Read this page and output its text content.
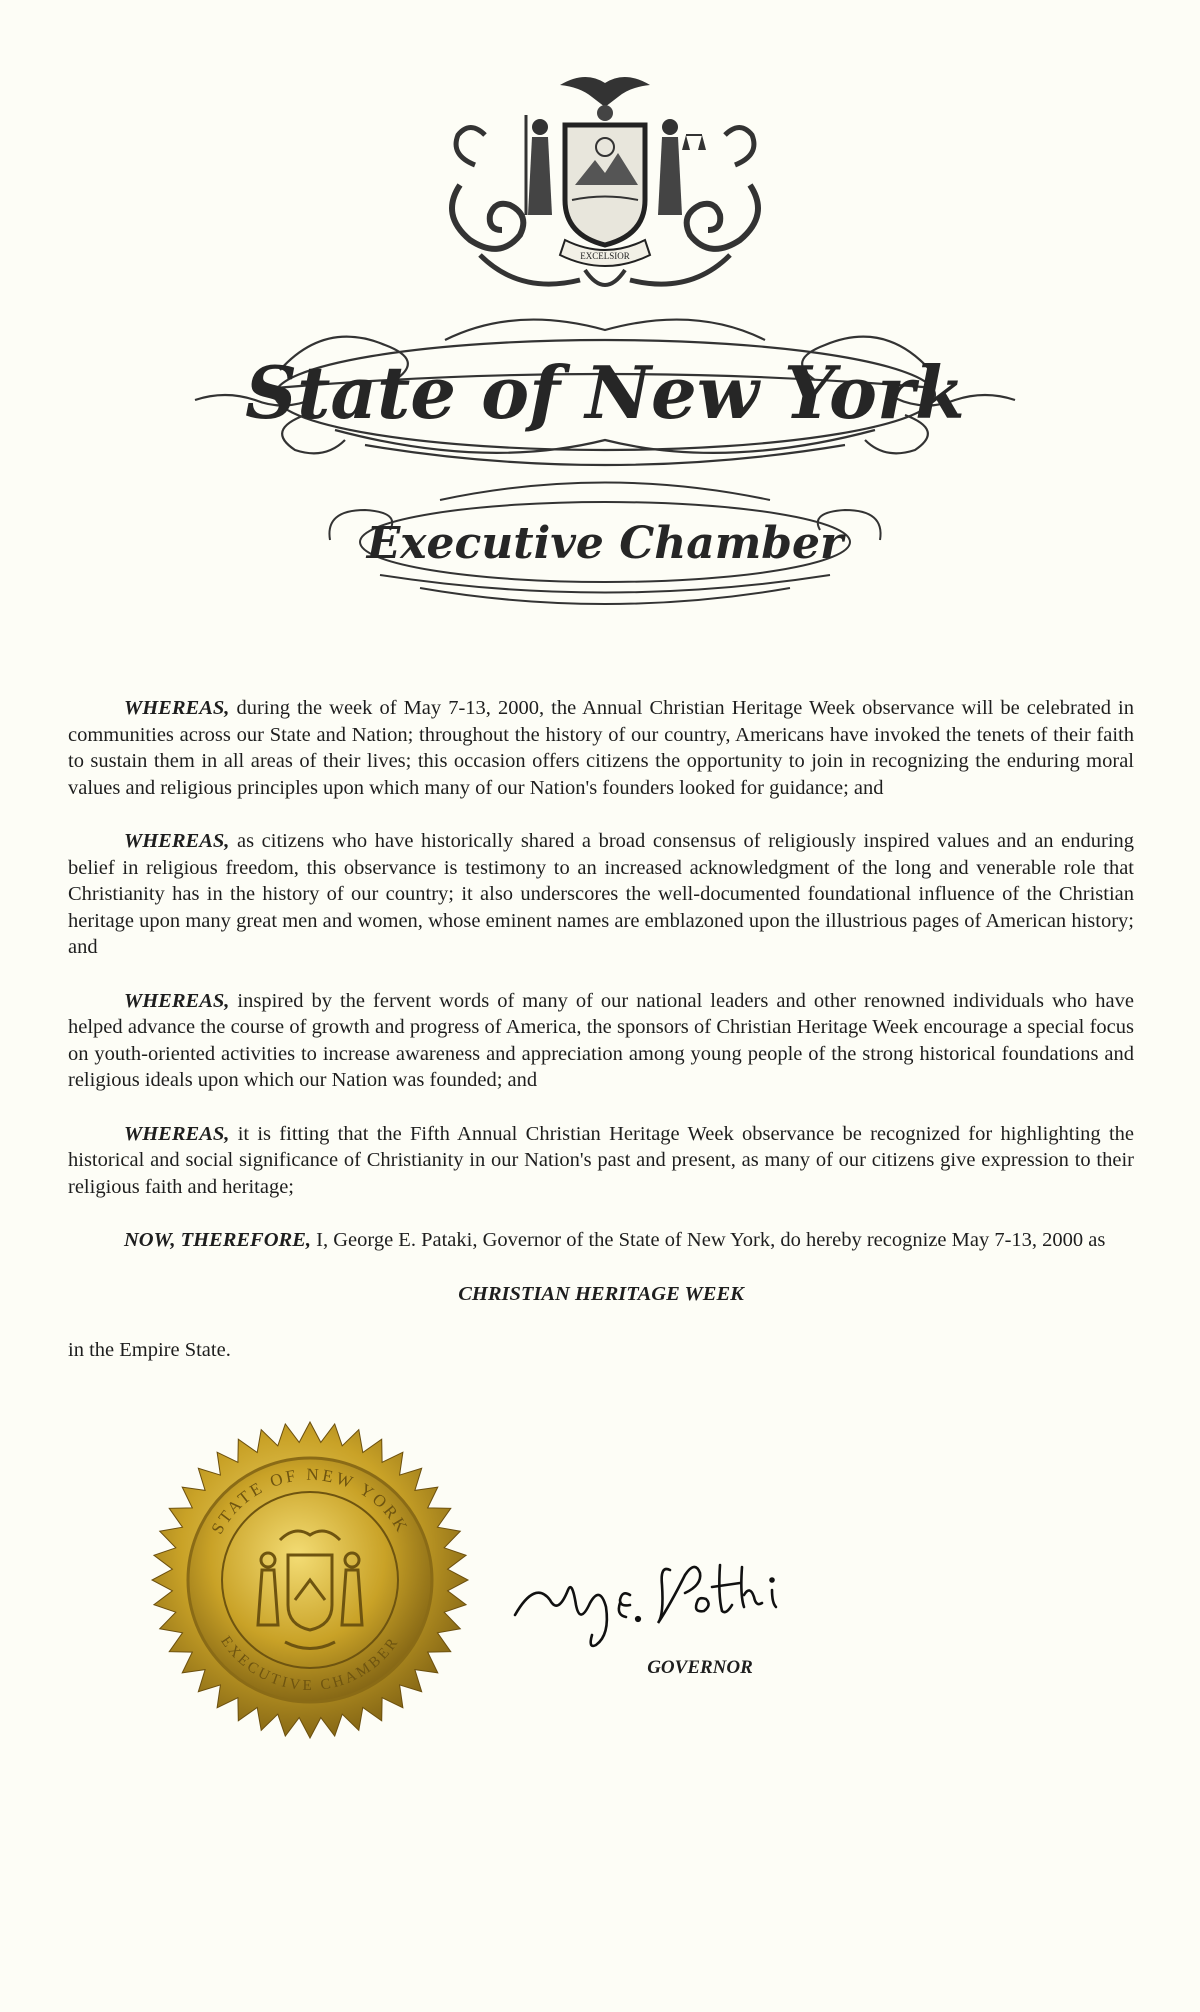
EXCELSIOR
State of New York
Executive Chamber

WHEREAS, during the week of May 7-13, 2000, the Annual Christian Heritage Week observance will be celebrated in communities across our State and Nation; throughout the history of our country, Americans have invoked the tenets of their faith to sustain them in all areas of their lives; this occasion offers citizens the opportunity to join in recognizing the enduring moral values and religious principles upon which many of our Nation's founders looked for guidance; and

WHEREAS, as citizens who have historically shared a broad consensus of religiously inspired values and an enduring belief in religious freedom, this observance is testimony to an increased acknowledgment of the long and venerable role that Christianity has in the history of our country; it also underscores the well-documented foundational influence of the Christian heritage upon many great men and women, whose eminent names are emblazoned upon the illustrious pages of American history; and

WHEREAS, inspired by the fervent words of many of our national leaders and other renowned individuals who have helped advance the course of growth and progress of America, the sponsors of Christian Heritage Week encourage a special focus on youth-oriented activities to increase awareness and appreciation among young people of the strong historical foundations and religious ideals upon which our Nation was founded; and

WHEREAS, it is fitting that the Fifth Annual Christian Heritage Week observance be recognized for highlighting the historical and social significance of Christianity in our Nation's past and present, as many of our citizens give expression to their religious faith and heritage;

NOW, THEREFORE, I, George E. Pataki, Governor of the State of New York, do hereby recognize May 7-13, 2000 as

CHRISTIAN HERITAGE WEEK

in the Empire State.

STATE OF NEW YORK
EXECUTIVE CHAMBER
GOVERNOR
